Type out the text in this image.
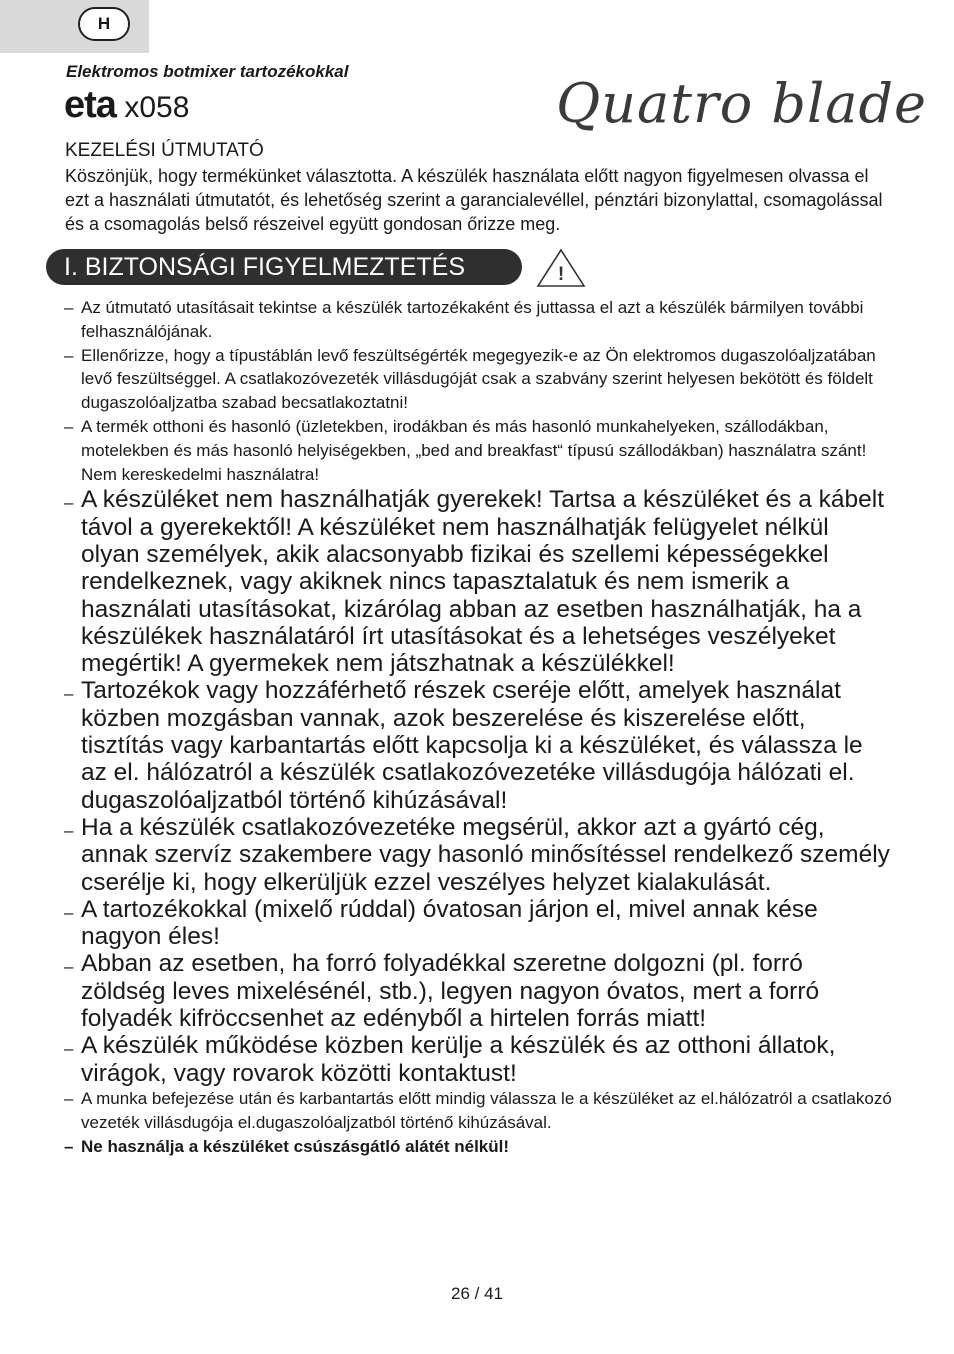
H
Elektromos botmixer tartozékokkal
eta x058	Quatro blade
KEZELÉSI ÚTMUTATÓ
Köszönjük, hogy termékünket választotta. A készülék használata előtt nagyon figyelmesen olvassa el ezt a használati útmutatót, és lehetőség szerint a garancialevéllel, pénztári bizonylattal, csomagolással és a csomagolás belső részeivel együtt gondosan őrizze meg.
I. BIZTONSÁGI FIGYELMEZTETÉS	!
– Az útmutató utasításait tekintse a készülék tartozékaként és juttassa el azt a készülék bármilyen további felhasználójának.
– Ellenőrizze, hogy a típustáblán levő feszültségérték megegyezik-e az Ön elektromos dugaszolóaljzatában levő feszültséggel. A csatlakozóvezeték villásdugóját csak a szabvány szerint helyesen bekötött és földelt dugaszolóaljzatba szabad becsatlakoztatni!
– A termék otthoni és hasonló (üzletekben, irodákban és más hasonló munkahelyeken, szállodákban, motelekben és más hasonló helyiségekben, „bed and breakfast“ típusú szállodákban) használatra szánt! Nem kereskedelmi használatra!
– A készüléket nem használhatják gyerekek! Tartsa a készüléket és a kábelt távol a gyerekektől! A készüléket nem használhatják felügyelet nélkül olyan személyek, akik alacsonyabb fizikai és szellemi képességekkel rendelkeznek, vagy akiknek nincs tapasztalatuk és nem ismerik a használati utasításokat, kizárólag abban az esetben használhatják, ha a készülékek használatáról írt utasításokat és a lehetséges veszélyeket megértik! A gyermekek nem játszhatnak a készülékkel!
– Tartozékok vagy hozzáférhető részek cseréje előtt, amelyek használat közben mozgásban vannak, azok beszerelése és kiszerelése előtt, tisztítás vagy karbantartás előtt kapcsolja ki a készüléket, és válassza le az el. hálózatról a készülék csatlakozóvezetéke villásdugója hálózati el. dugaszolóaljzatból történő kihúzásával!
– Ha a készülék csatlakozóvezetéke megsérül, akkor azt a gyártó cég, annak szervíz szakembere vagy hasonló minősítéssel rendelkező személy cserélje ki, hogy elkerüljük ezzel veszélyes helyzet kialakulását.
– A tartozékokkal (mixelő rúddal) óvatosan járjon el, mivel annak kése nagyon éles!
– Abban az esetben, ha forró folyadékkal szeretne dolgozni (pl. forró zöldség leves mixelésénél, stb.), legyen nagyon óvatos, mert a forró folyadék kifröccsenhet az edényből a hirtelen forrás miatt!
– A készülék működése közben kerülje a készülék és az otthoni állatok, virágok, vagy rovarok közötti kontaktust!
– A munka befejezése után és karbantartás előtt mindig válassza le a készüléket az el.hálózatról a csatlakozó vezeték villásdugója el.dugaszolóaljzatból történő kihúzásával.
– Ne használja a készüléket csúszásgátló alátét nélkül!
26 / 41
